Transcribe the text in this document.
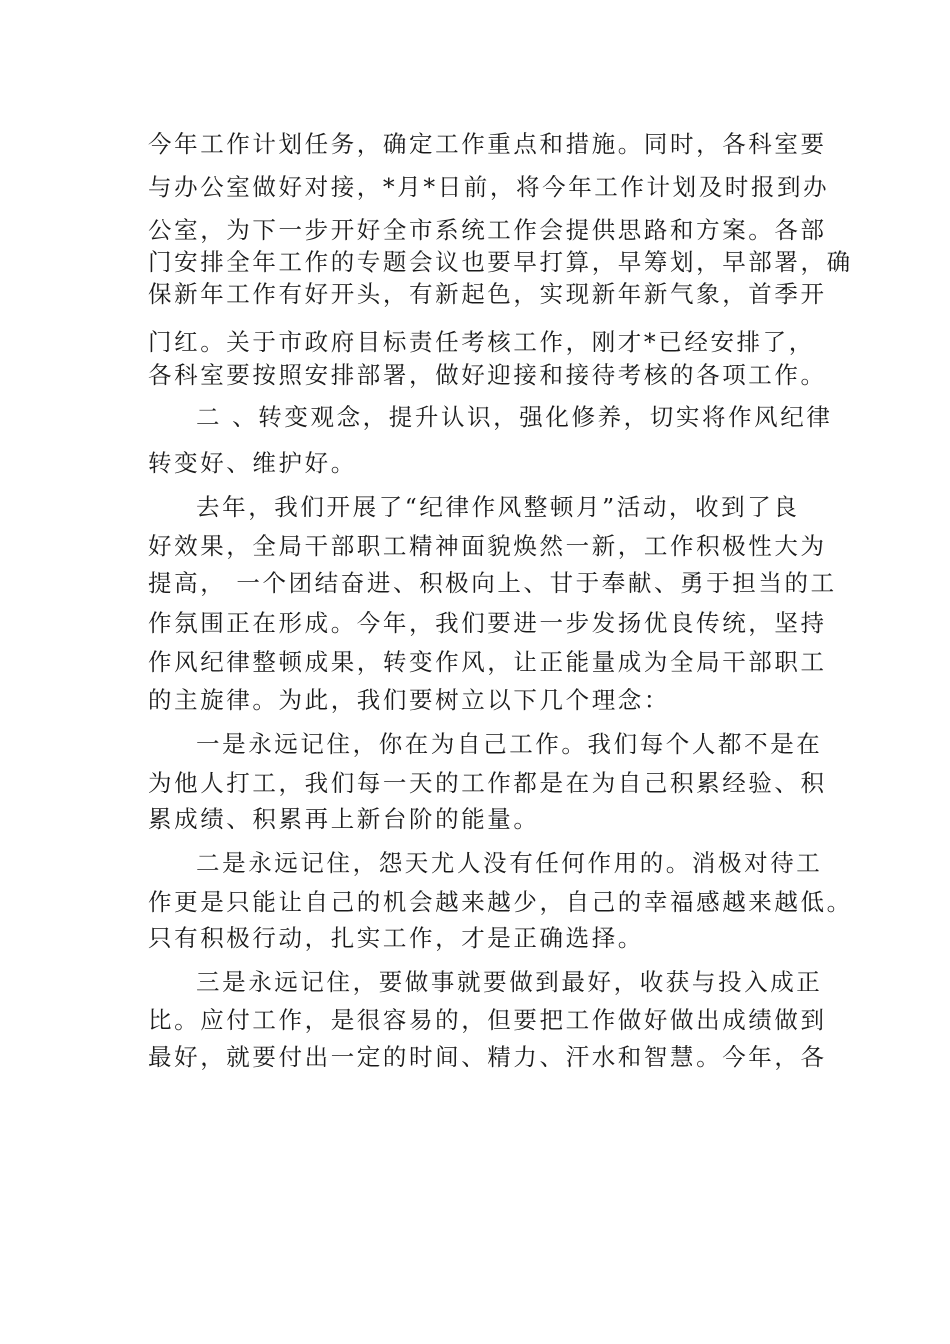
今年工作计划任务，确定工作重点和措施。同时，各科室要
与办公室做好对接，*月*日前，将今年工作计划及时报到办
公室，为下一步开好全市系统工作会提供思路和方案。各部
门安排全年工作的专题会议也要早打算，早筹划，早部署，确
保新年工作有好开头，有新起色，实现新年新气象，首季开
门红。关于市政府目标责任考核工作，刚才*已经安排了，
各科室要按照安排部署，做好迎接和接待考核的各项工作。
二 、转变观念，提升认识，强化修养，切实将作风纪律
转变好、维护好。
去年，我们开展了“纪律作风整顿月”活动，收到了良
好效果，全局干部职工精神面貌焕然一新，工作积极性大为
提高， 一个团结奋进、积极向上、甘于奉献、勇于担当的工
作氛围正在形成。今年，我们要进一步发扬优良传统，坚持
作风纪律整顿成果，转变作风，让正能量成为全局干部职工
的主旋律。为此，我们要树立以下几个理念：
一是永远记住，你在为自己工作。我们每个人都不是在
为他人打工，我们每一天的工作都是在为自己积累经验、积
累成绩、积累再上新台阶的能量。
二是永远记住，怨天尤人没有任何作用的。消极对待工
作更是只能让自己的机会越来越少，自己的幸福感越来越低。
只有积极行动，扎实工作，才是正确选择。
三是永远记住，要做事就要做到最好，收获与投入成正
比。应付工作，是很容易的，但要把工作做好做出成绩做到
最好，就要付出一定的时间、精力、汗水和智慧。今年，各
